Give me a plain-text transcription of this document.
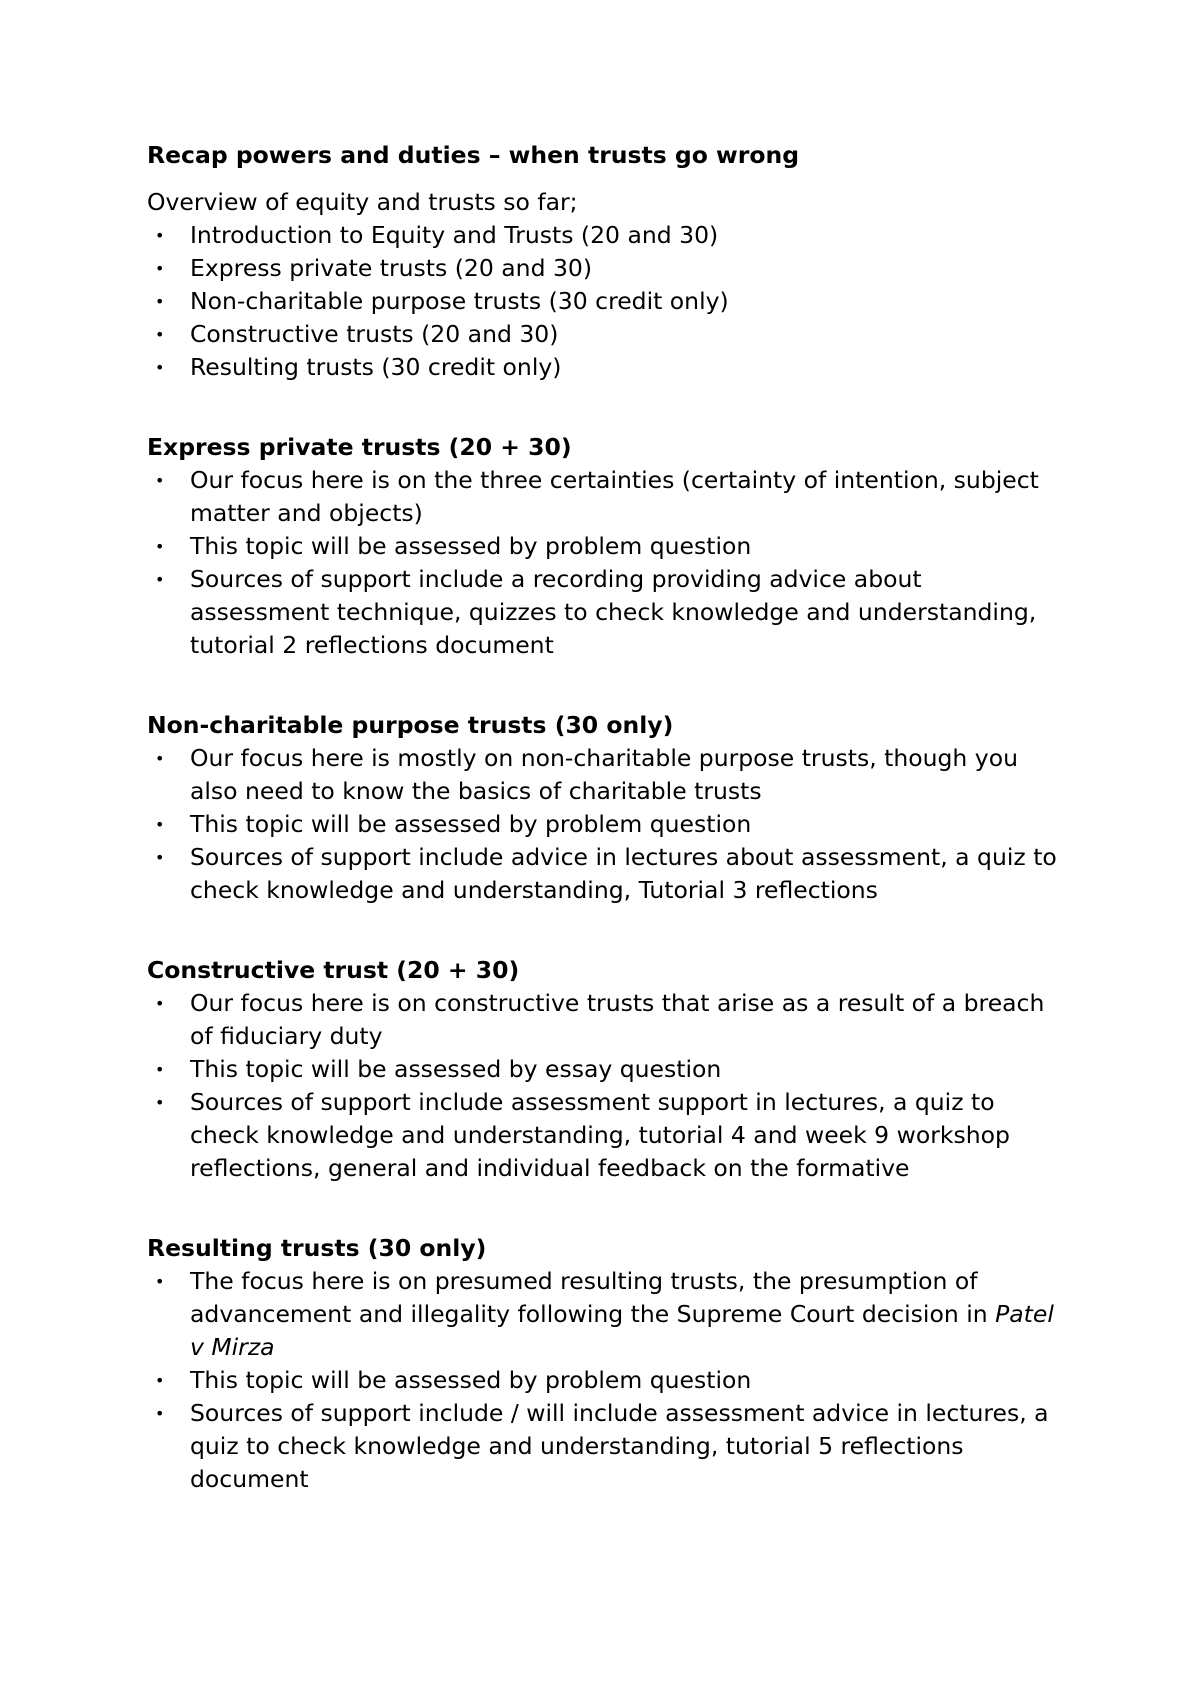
Recap powers and duties – when trusts go wrong

Overview of equity and trusts so far;

• Introduction to Equity and Trusts (20 and 30)
• Express private trusts (20 and 30)
• Non-charitable purpose trusts (30 credit only)
• Constructive trusts (20 and 30)
• Resulting trusts (30 credit only)

Express private trusts (20 + 30)

• Our focus here is on the three certainties (certainty of intention, subject matter and objects)
• This topic will be assessed by problem question
• Sources of support include a recording providing advice about assessment technique, quizzes to check knowledge and understanding, tutorial 2 reflections document

Non-charitable purpose trusts (30 only)

• Our focus here is mostly on non-charitable purpose trusts, though you also need to know the basics of charitable trusts
• This topic will be assessed by problem question
• Sources of support include advice in lectures about assessment, a quiz to check knowledge and understanding, Tutorial 3 reflections

Constructive trust (20 + 30)

• Our focus here is on constructive trusts that arise as a result of a breach of fiduciary duty
• This topic will be assessed by essay question
• Sources of support include assessment support in lectures, a quiz to check knowledge and understanding, tutorial 4 and week 9 workshop reflections, general and individual feedback on the formative

Resulting trusts (30 only)

• The focus here is on presumed resulting trusts, the presumption of advancement and illegality following the Supreme Court decision in Patel v Mirza
• This topic will be assessed by problem question
• Sources of support include / will include assessment advice in lectures, a quiz to check knowledge and understanding, tutorial 5 reflections document
